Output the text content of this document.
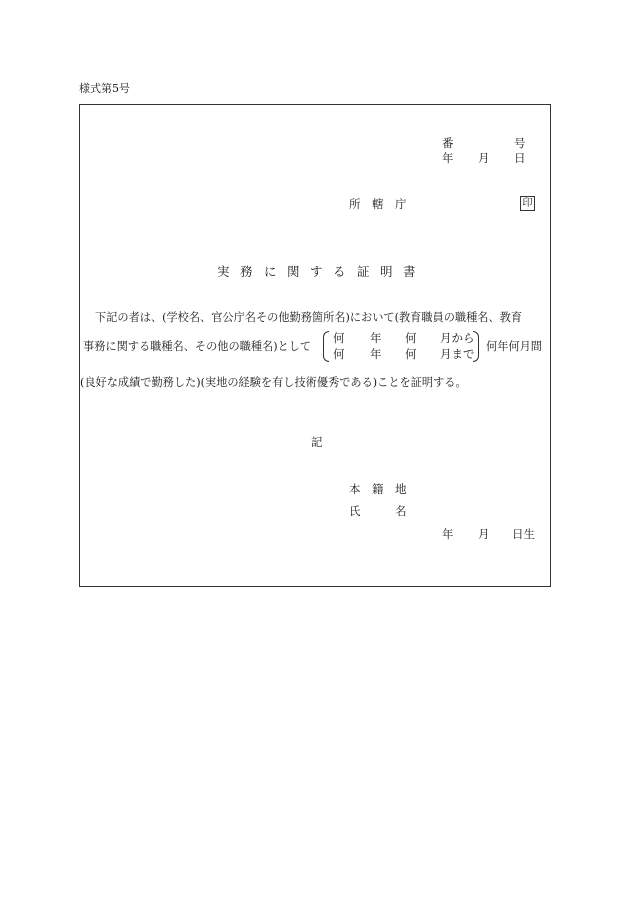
様式第5号
番	号
年 月 日
所 轄 庁	印
実 務 に 関 す る 証 明 書
下記の者は、(学校名、官公庁名その他勤務箇所名)において(教育職員の職種名、教育
事務に関する職種名、その他の職種名)として
何 年 何 月から
何 年 何 月まで
何年何月間
(良好な成績で勤務した)(実地の経験を有し技術優秀である)ことを証明する。
記
本 籍 地
氏	名
年 月 日生
